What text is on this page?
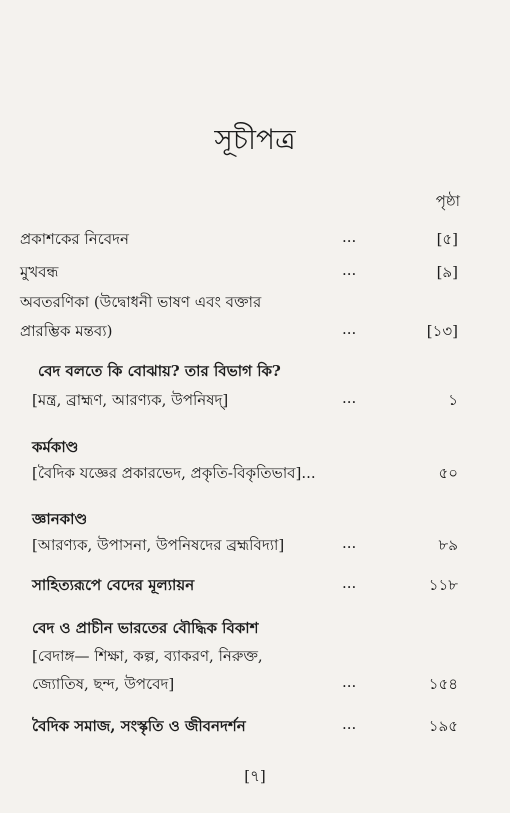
সূচীপত্র
পৃষ্ঠা
প্রকাশকের নিবেদন	...	[৫]
মুখবন্ধ	...	[৯]
অবতরণিকা (উদ্বোধনী ভাষণ এবং বক্তার
প্রারম্ভিক মন্তব্য)	...	[১৩]
বেদ বলতে কি বোঝায়? তার বিভাগ কি?
[মন্ত্র, ব্রাহ্মণ, আরণ্যক, উপনিষদ্]	...	১
কর্মকাণ্ড
[বৈদিক যজ্ঞের প্রকারভেদ, প্রকৃতি-বিকৃতিভাব]...	৫০
জ্ঞানকাণ্ড
[আরণ্যক, উপাসনা, উপনিষদের ব্রহ্মবিদ্যা]	...	৮৯
সাহিত্যরূপে বেদের মূল্যায়ন	...	১১৮
বেদ ও প্রাচীন ভারতের বৌদ্ধিক বিকাশ
[বেদাঙ্গ— শিক্ষা, কল্প, ব্যাকরণ, নিরুক্ত,
জ্যোতিষ, ছন্দ, উপবেদ]	...	১৫৪
বৈদিক সমাজ, সংস্কৃতি ও জীবনদর্শন	...	১৯৫
[৭]
